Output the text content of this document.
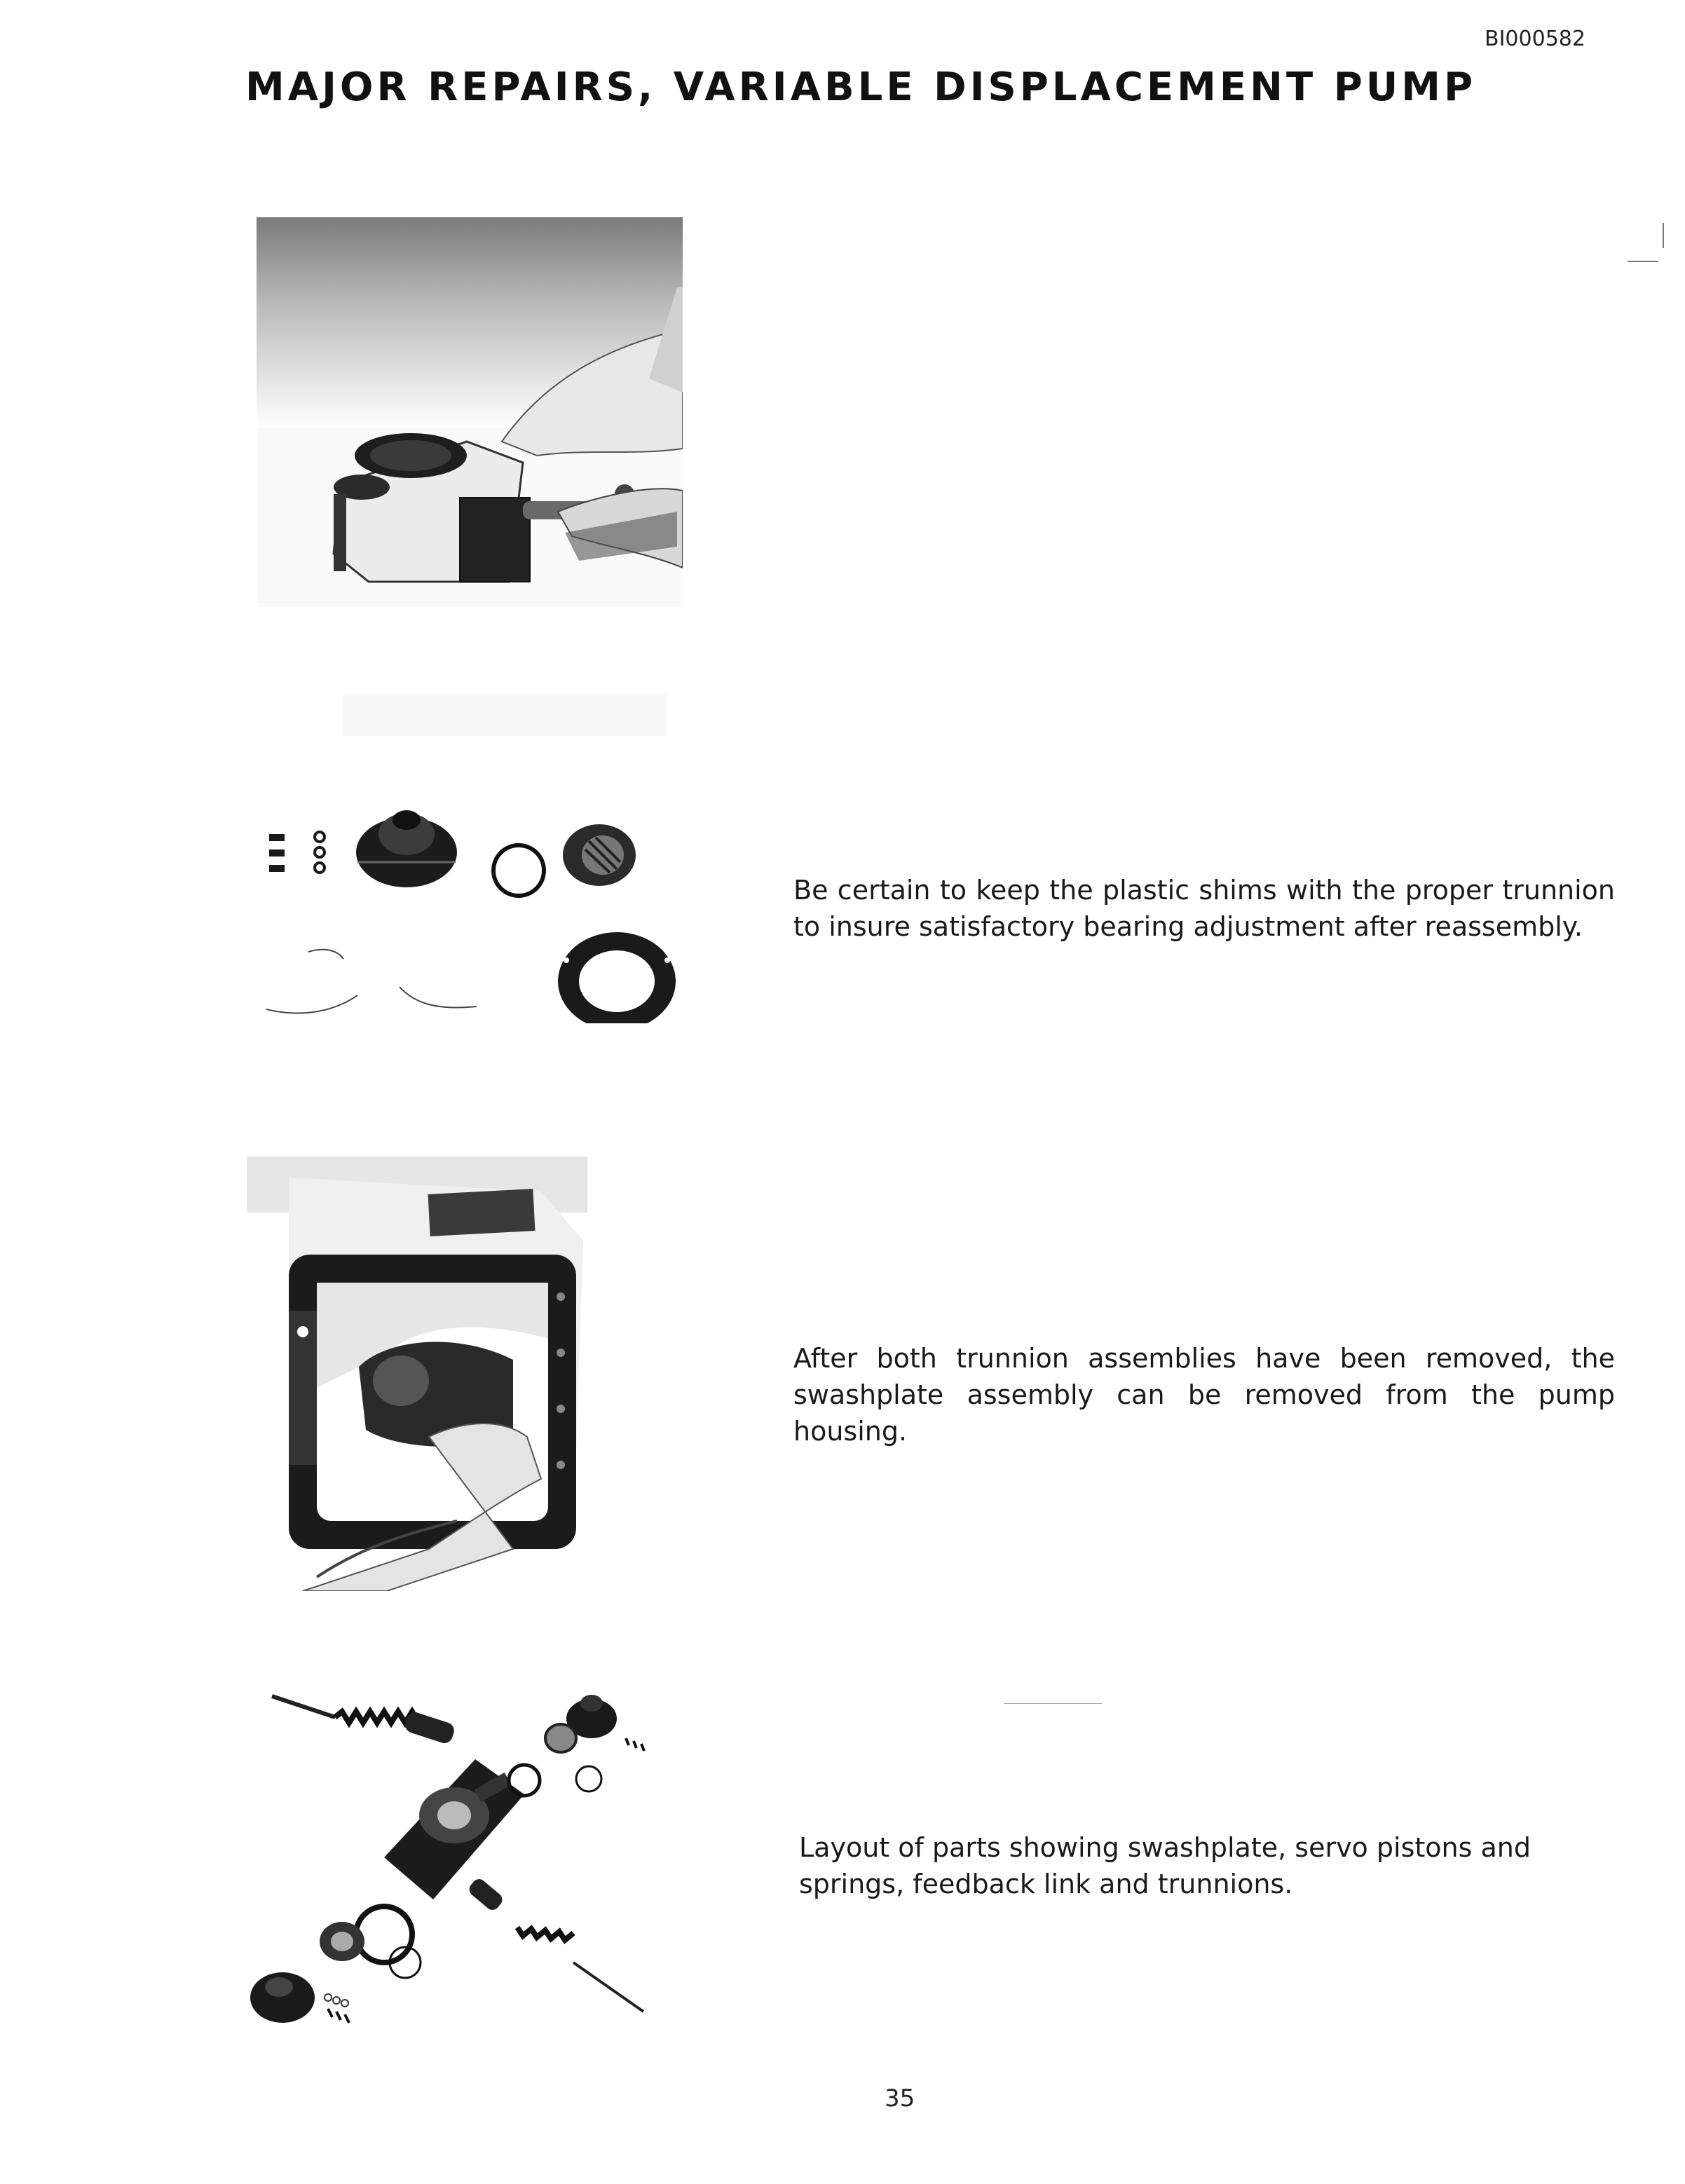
BI000582
MAJOR REPAIRS, VARIABLE DISPLACEMENT PUMP

Be certain to keep the plastic shims with the proper trunnion to insure satisfactory bearing adjustment after reassembly.

After both trunnion assemblies have been removed, the swashplate assembly can be removed from the pump housing.

Layout of parts showing swashplate, servo pistons and springs, feedback link and trunnions.

35
